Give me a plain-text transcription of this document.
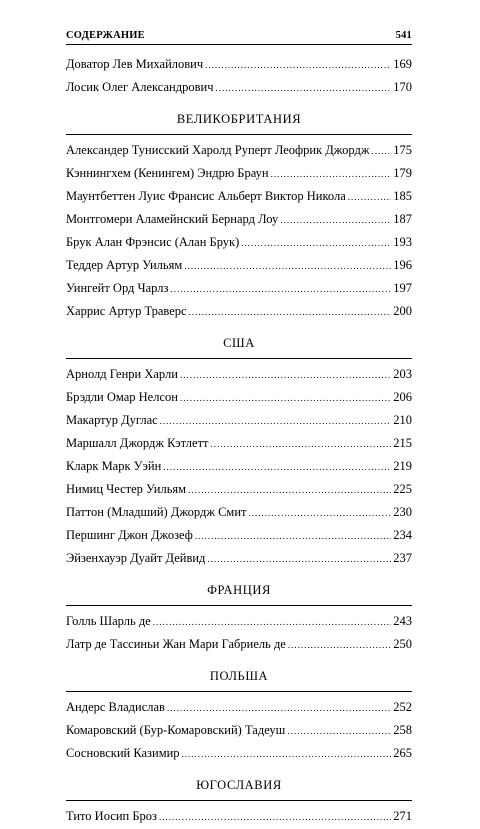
СОДЕРЖАНИЕ	541
Доватор Лев Михайлович .....	169
Лосик Олег Александрович .....	170
ВЕЛИКОБРИТАНИЯ
Александер Тунисский Харолд Руперт Леофрик Джордж ..... 175
Кэннингхем (Кенингем) Эндрю Браун .....	179
Маунтбеттен Луис Франсис Альберт Виктор Никола .....	185
Монтгомери Аламейнский Бернард Лоу .....	187
Брук Алан Фрэнсис (Алан Брук) .....	193
Теддер Артур Уильям .....	196
Уингейт Орд Чарлз .....	197
Харрис Артур Траверс .....	200
США
Арнолд Генри Харли .....	203
Брэдли Омар Нелсон .....	206
Макартур Дуглас .....	210
Маршалл Джордж Кэтлетт .....	215
Кларк Марк Уэйн .....	219
Нимиц Честер Уильям .....	225
Паттон (Младший) Джордж Смит .....	230
Першинг Джон Джозеф .....	234
Эйзенхауэр Дуайт Дейвид .....	237
ФРАНЦИЯ
Голль Шарль де .....	243
Латр де Тассиньи Жан Мари Габриель де .....	250
ПОЛЬША
Андерс Владислав .....	252
Комаровский (Бур-Комаровский) Тадеуш .....	258
Сосновский Казимир .....	265
ЮГОСЛАВИЯ
Тито Иосип Броз .....	271
